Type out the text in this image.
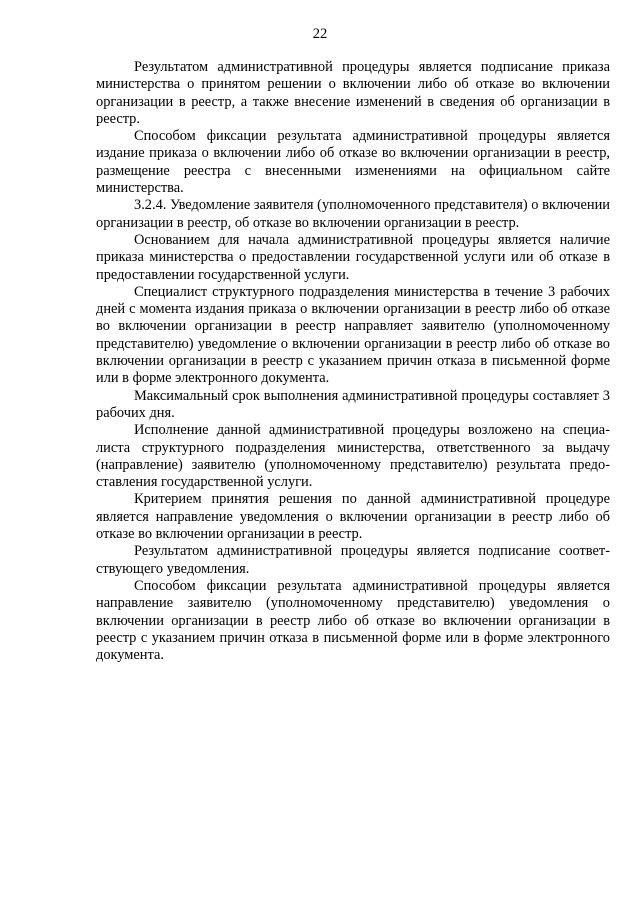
22

Результатом административной процедуры является подписание приказа министерства о принятом решении о включении либо об отказе во включении организации в реестр, а также внесение изменений в сведения об организации в реестр.

Способом фиксации результата административной процедуры является издание приказа о включении либо об отказе во включении организации в реестр, размещение реестра с внесенными изменениями на официальном сайте министерства.

3.2.4. Уведомление заявителя (уполномоченного представителя) о включении организации в реестр, об отказе во включении организации в реестр.

Основанием для начала административной процедуры является наличие приказа министерства о предоставлении государственной услуги или об отказе в предоставлении государственной услуги.

Специалист структурного подразделения министерства в течение 3 рабочих дней с момента издания приказа о включении организации в реестр либо об отказе во включении организации в реестр направляет заявителю (уполномоченному представителю) уведомление о включении организации в реестр либо об отказе во включении организации в реестр с указанием причин отказа в письменной форме или в форме электронного документа.

Максимальный срок выполнения административной процедуры составляет 3 рабочих дня.

Исполнение данной административной процедуры возложено на специалиста структурного подразделения министерства, ответственного за выдачу (направление) заявителю (уполномоченному представителю) результата предоставления государственной услуги.

Критерием принятия решения по данной административной процедуре является направление уведомления о включении организации в реестр либо об отказе во включении организации в реестр.

Результатом административной процедуры является подписание соответствующего уведомления.

Способом фиксации результата административной процедуры является направление заявителю (уполномоченному представителю) уведомления о включении организации в реестр либо об отказе во включении организации в реестр с указанием причин отказа в письменной форме или в форме электронного документа.
